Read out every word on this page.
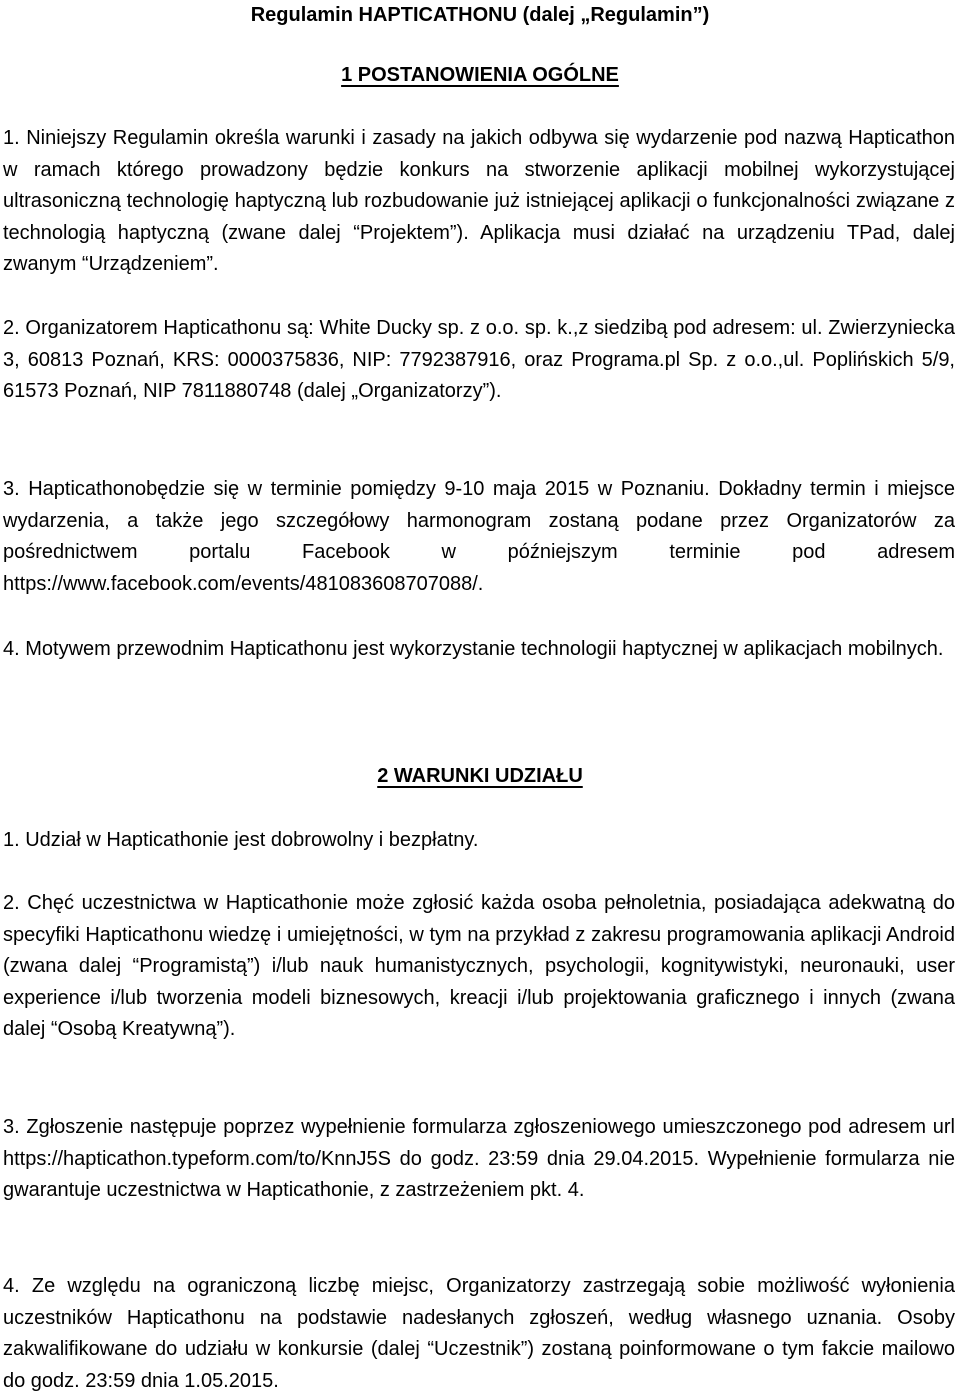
Regulamin HAPTICATHONU (dalej „Regulamin”)
1 POSTANOWIENIA OGÓLNE

1. Niniejszy Regulamin określa warunki i zasady na jakich odbywa się wydarzenie pod nazwą Hapticathon w ramach którego prowadzony będzie konkurs na stworzenie aplikacji mobilnej wykorzystującej ultrasoniczną technologię haptyczną lub rozbudowanie już istniejącej aplikacji o funkcjonalności związane z technologią haptyczną (zwane dalej “Projektem”). Aplikacja musi działać na urządzeniu TPad, dalej zwanym “Urządzeniem”.

2. Organizatorem Hapticathonu są: White Ducky sp. z o.o. sp. k.,z siedzibą pod adresem: ul. Zwierzyniecka 3, 60813 Poznań, KRS: 0000375836, NIP: 7792387916, oraz Programa.pl Sp. z o.o.,ul. Poplińskich 5/9, 61573 Poznań, NIP 7811880748 (dalej „Organizatorzy”).

3. Hapticathonobędzie się w terminie pomiędzy 9-10 maja 2015 w Poznaniu. Dokładny termin i miejsce wydarzenia, a także jego szczegółowy harmonogram zostaną podane przez Organizatorów za pośrednictwem portalu Facebook w późniejszym terminie pod adresem https://www.facebook.com/events/481083608707088/.

4. Motywem przewodnim Hapticathonu jest wykorzystanie technologii haptycznej w aplikacjach mobilnych.

2 WARUNKI UDZIAŁU

1. Udział w Hapticathonie jest dobrowolny i bezpłatny.

2. Chęć uczestnictwa w Hapticathonie może zgłosić każda osoba pełnoletnia, posiadająca adekwatną do specyfiki Hapticathonu wiedzę i umiejętności, w tym na przykład z zakresu programowania aplikacji Android (zwana dalej “Programistą”) i/lub nauk humanistycznych, psychologii, kognitywistyki, neuronauki, user experience i/lub tworzenia modeli biznesowych, kreacji i/lub projektowania graficznego i innych (zwana dalej “Osobą Kreatywną”).

3. Zgłoszenie następuje poprzez wypełnienie formularza zgłoszeniowego umieszczonego pod adresem url https://hapticathon.typeform.com/to/KnnJ5S do godz. 23:59 dnia 29.04.2015. Wypełnienie formularza nie gwarantuje uczestnictwa w Hapticathonie, z zastrzeżeniem pkt. 4.

4. Ze względu na ograniczoną liczbę miejsc, Organizatorzy zastrzegają sobie możliwość wyłonienia uczestników Hapticathonu na podstawie nadesłanych zgłoszeń, według własnego uznania. Osoby zakwalifikowane do udziału w konkursie (dalej “Uczestnik”) zostaną poinformowane o tym fakcie mailowo do godz. 23:59 dnia 1.05.2015.
